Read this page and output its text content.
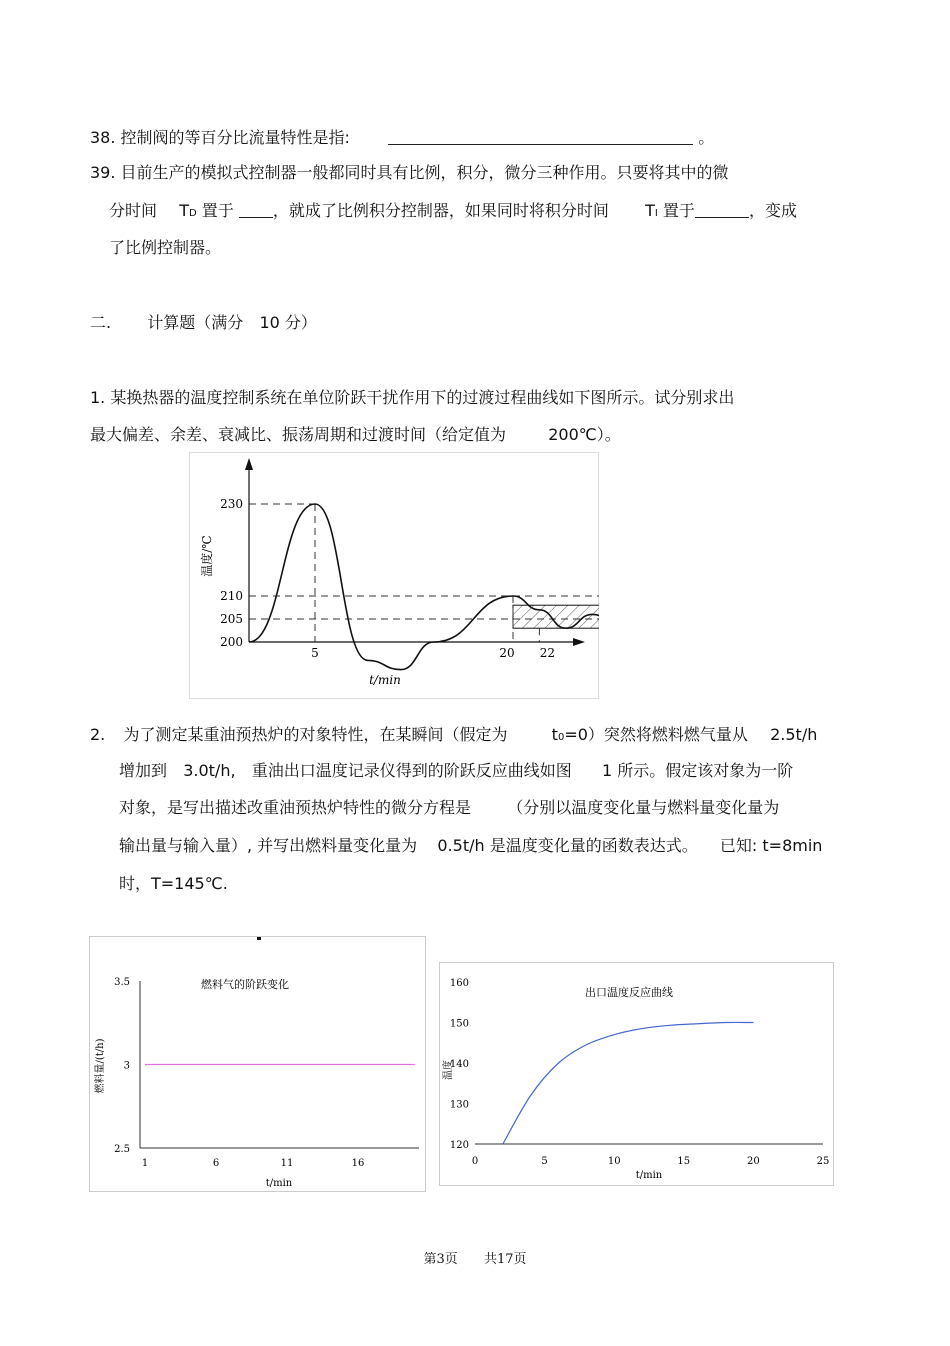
38. 控制阀的等百分比流量特性是指:	。
39. 目前生产的模拟式控制器一般都同时具有比例，积分，微分三种作用。只要将其中的微
分时间 TD 置于 ，就成了比例积分控制器，如果同时将积分时间 TI 置于	，变成
了比例控制器。
二. 计算题（满分 10 分）
1. 某换热器的温度控制系统在单位阶跃干扰作用下的过渡过程曲线如下图所示。试分别求出
最大偏差、余差、衰减比、振荡周期和过渡时间（给定值为	200℃）。
230
210
205
200
5	20 22
温度/℃
t/min
2. 为了测定某重油预热炉的对象特性，在某瞬间（假定为	t0=0）突然将燃料燃气量从 2.5t/h
增加到 3.0t/h, 重油出口温度记录仪得到的阶跃反应曲线如图 1 所示。假定该对象为一阶
对象，是写出描述改重油预热炉特性的微分方程是 （分别以温度变化量与燃料量变化量为
输出量与输入量）, 并写出燃料量变化量为 0.5t/h 是温度变化量的函数表达式。 已知: t=8min
时，T=145℃.
3.5
3
2.5
1	6	11	16
燃料气的阶跃变化
燃料量/(t/h)
t/min
160
150
140
130
120
0	5	10	15	20	25
出口温度反应曲线
温度
t/min
第3页 共17页
